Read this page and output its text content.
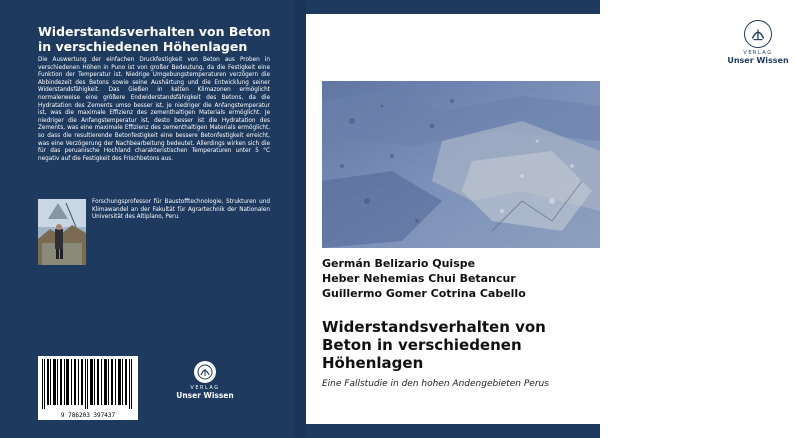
Widerstandsverhalten von Beton in verschiedenen Höhenlagen
Die Auswertung der einfachen Druckfestigkeit von Beton aus Proben in verschiedenen Höhen in Puno ist von großer Bedeutung, da die Festigkeit eine Funktion der Temperatur ist. Niedrige Umgebungstemperaturen verzögern die Abbindezeit des Betons sowie seine Aushärtung und die Entwicklung seiner Widerstandsfähigkeit. Das Gießen in kalten Klimazonen ermöglicht normalerweise eine größere Endwiderstandsfähigkeit des Betons, da die Hydratation des Zements umso besser ist, je niedriger die Anfangstemperatur ist, was die maximale Effizienz des zementhaltigen Materials ermöglicht. Je niedriger die Anfangstemperatur ist, desto besser ist die Hydratation des Zements, was eine maximale Effizienz des zementhaltigen Materials ermöglicht, so dass die resultierende Betonfestigkeit eine bessere Betonfestigkeit erreicht, was eine Verzögerung der Nachbearbeitung bedeutet. Allerdings wirken sich die für das peruanische Hochland charakteristischen Temperaturen unter 5 °C negativ auf die Festigkeit des Frischbetons aus.
Forschungsprofessor für Baustofftechnologie, Strukturen und Klimawandel an der Fakultät für Agrartechnik der Nationalen Universität des Altiplano, Peru.
9 786203 397437
VERLAG
Unser Wissen
VERLAG
Unser Wissen
Germán Belizario Quispe
Heber Nehemias Chui Betancur
Guillermo Gomer Cotrina Cabello
Widerstandsverhalten von Beton in verschiedenen Höhenlagen
Eine Fallstudie in den hohen Andengebieten Perus
